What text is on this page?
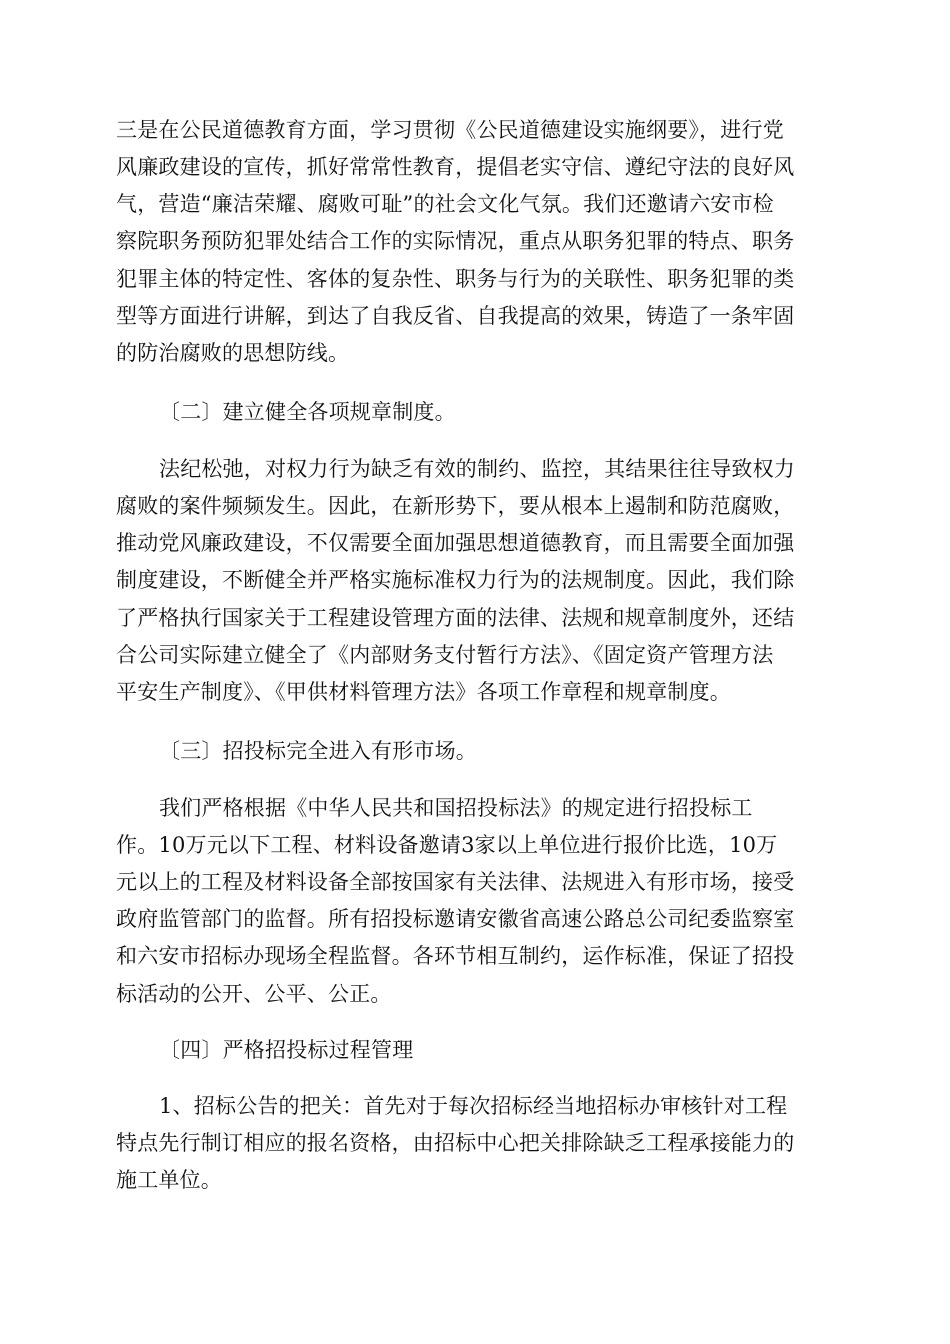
三是在公民道德教育方面，学习贯彻《公民道德建设实施纲要》，进行党
风廉政建设的宣传，抓好常常性教育，提倡老实守信、遵纪守法的良好风
气，营造“廉洁荣耀、腐败可耻”的社会文化气氛。我们还邀请六安市检
察院职务预防犯罪处结合工作的实际情况，重点从职务犯罪的特点、职务
犯罪主体的特定性、客体的复杂性、职务与行为的关联性、职务犯罪的类
型等方面进行讲解，到达了自我反省、自我提高的效果，铸造了一条牢固
的防治腐败的思想防线。
〔二〕建立健全各项规章制度。
法纪松弛，对权力行为缺乏有效的制约、监控，其结果往往导致权力
腐败的案件频频发生。因此，在新形势下，要从根本上遏制和防范腐败，
推动党风廉政建设，不仅需要全面加强思想道德教育，而且需要全面加强
制度建设，不断健全并严格实施标准权力行为的法规制度。因此，我们除
了严格执行国家关于工程建设管理方面的法律、法规和规章制度外，还结
合公司实际建立健全了《内部财务支付暂行方法》、《固定资产管理方法
平安生产制度》、《甲供材料管理方法》各项工作章程和规章制度。
〔三〕招投标完全进入有形市场。
我们严格根据《中华人民共和国招投标法》的规定进行招投标工
作。10万元以下工程、材料设备邀请3家以上单位进行报价比选，10万
元以上的工程及材料设备全部按国家有关法律、法规进入有形市场，接受
政府监管部门的监督。所有招投标邀请安徽省高速公路总公司纪委监察室
和六安市招标办现场全程监督。各环节相互制约，运作标准，保证了招投
标活动的公开、公平、公正。
〔四〕严格招投标过程管理
1、招标公告的把关：首先对于每次招标经当地招标办审核针对工程
特点先行制订相应的报名资格，由招标中心把关排除缺乏工程承接能力的
施工单位。
